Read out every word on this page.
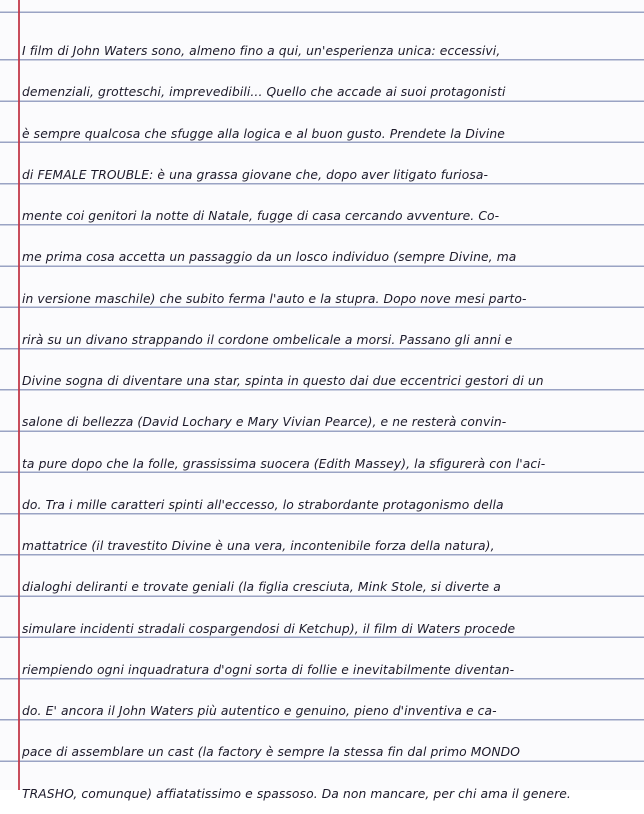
I film di John Waters sono, almeno fino a qui, un'esperienza unica: eccessivi,
demenziali, grotteschi, imprevedibili... Quello che accade ai suoi protagonisti
è sempre qualcosa che sfugge alla logica e al buon gusto. Prendete la Divine
di FEMALE TROUBLE: è una grassa giovane che, dopo aver litigato furiosa-
mente coi genitori la notte di Natale, fugge di casa cercando avventure. Co-
me prima cosa accetta un passaggio da un losco individuo (sempre Divine, ma
in versione maschile) che subito ferma l'auto e la stupra. Dopo nove mesi parto-
rirà su un divano strappando il cordone ombelicale a morsi. Passano gli anni e
Divine sogna di diventare una star, spinta in questo dai due eccentrici gestori di un
salone di bellezza (David Lochary e Mary Vivian Pearce), e ne resterà convin-
ta pure dopo che la folle, grassissima suocera (Edith Massey), la sfigurerà con l'aci-
do. Tra i mille caratteri spinti all'eccesso, lo strabordante protagonismo della
mattatrice (il travestito Divine è una vera, incontenibile forza della natura),
dialoghi deliranti e trovate geniali (la figlia cresciuta, Mink Stole, si diverte a
simulare incidenti stradali cospargendosi di Ketchup), il film di Waters procede
riempiendo ogni inquadratura d'ogni sorta di follie e inevitabilmente diventan-
do. E' ancora il John Waters più autentico e genuino, pieno d'inventiva e ca-
pace di assemblare un cast (la factory è sempre la stessa fin dal primo MONDO
TRASHO, comunque) affiatatissimo e spassoso. Da non mancare, per chi ama il genere.
